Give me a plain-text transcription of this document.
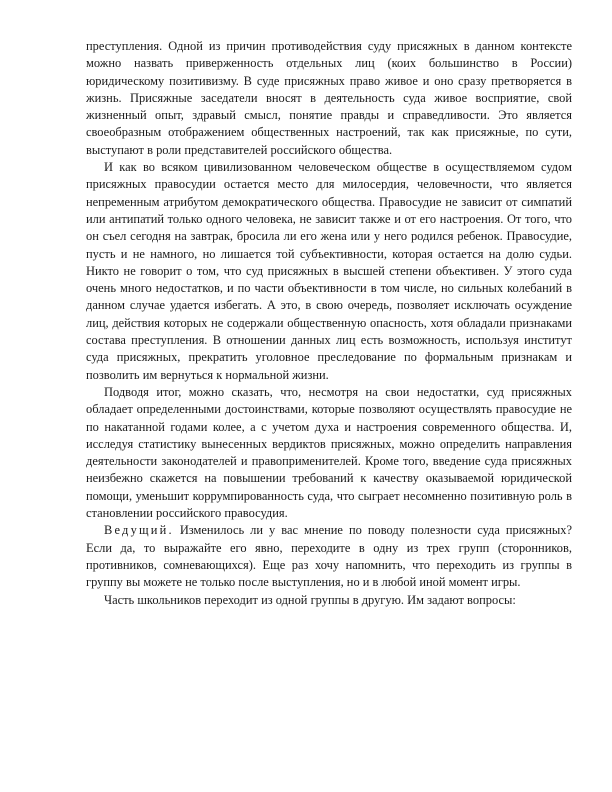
преступления. Одной из причин противодействия суду присяжных в данном контексте можно назвать приверженность отдельных лиц (коих большинство в России) юридическому позитивизму. В суде присяжных право живое и оно сразу претворяется в жизнь. Присяжные заседатели вносят в деятельность суда живое восприятие, свой жизненный опыт, здравый смысл, понятие правды и справедливости. Это является своеобразным отображением общественных настроений, так как присяжные, по сути, выступают в роли представителей российского общества.

И как во всяком цивилизованном человеческом обществе в осуществляемом судом присяжных правосудии остается место для милосердия, человечности, что является непременным атрибутом демократического общества. Правосудие не зависит от симпатий или антипатий только одного человека, не зависит также и от его настроения. От того, что он съел сегодня на завтрак, бросила ли его жена или у него родился ребенок. Правосудие, пусть и не намного, но лишается той субъективности, которая остается на долю судьи. Никто не говорит о том, что суд присяжных в высшей степени объективен. У этого суда очень много недостатков, и по части объективности в том числе, но сильных колебаний в данном случае удается избегать. А это, в свою очередь, позволяет исключать осуждение лиц, действия которых не содержали общественную опасность, хотя обладали признаками состава преступления. В отношении данных лиц есть возможность, используя институт суда присяжных, прекратить уголовное преследование по формальным признакам и позволить им вернуться к нормальной жизни.

Подводя итог, можно сказать, что, несмотря на свои недостатки, суд присяжных обладает определенными достоинствами, которые позволяют осуществлять правосудие не по накатанной годами колее, а с учетом духа и настроения современного общества. И, исследуя статистику вынесенных вердиктов присяжных, можно определить направления деятельности законодателей и правоприменителей. Кроме того, введение суда присяжных неизбежно скажется на повышении требований к качеству оказываемой юридической помощи, уменьшит коррумпированность суда, что сыграет несомненно позитивную роль в становлении российского правосудия.

Ведущий. Изменилось ли у вас мнение по поводу полезности суда присяжных? Если да, то выражайте его явно, переходите в одну из трех групп (сторонников, противников, сомневающихся). Еще раз хочу напомнить, что переходить из группы в группу вы можете не только после выступления, но и в любой иной момент игры.

Часть школьников переходит из одной группы в другую. Им задают вопросы:
